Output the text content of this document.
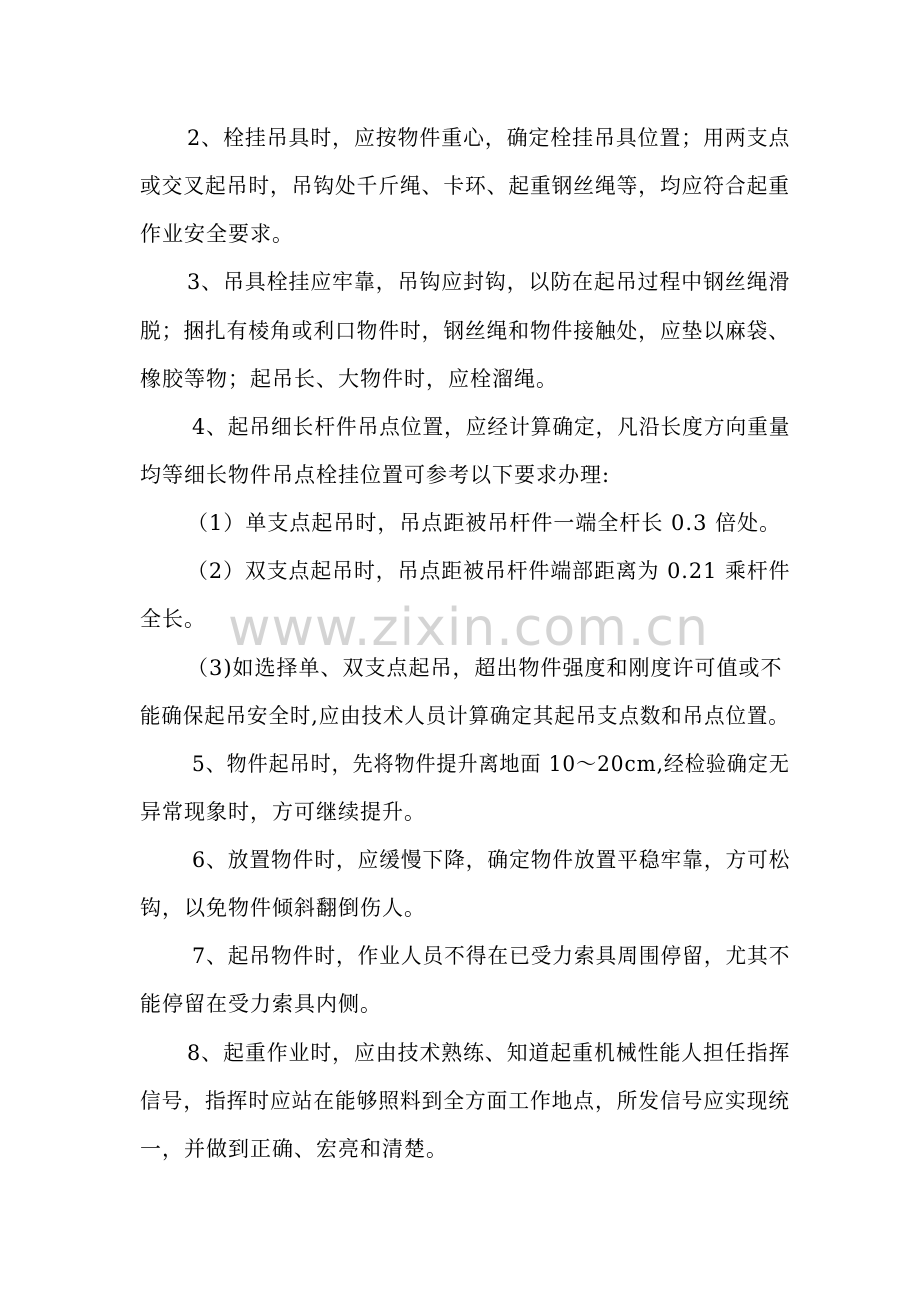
www.zixin.com.cn
2、栓挂吊具时，应按物件重心，确定栓挂吊具位置；用两支点
或交叉起吊时，吊钩处千斤绳、卡环、起重钢丝绳等，均应符合起重
作业安全要求。
3、吊具栓挂应牢靠，吊钩应封钩，以防在起吊过程中钢丝绳滑
脱；捆扎有棱角或利口物件时，钢丝绳和物件接触处，应垫以麻袋、
橡胶等物；起吊长、大物件时，应栓溜绳。
4、起吊细长杆件吊点位置，应经计算确定，凡沿长度方向重量
均等细长物件吊点栓挂位置可参考以下要求办理:
（1）单支点起吊时，吊点距被吊杆件一端全杆长 0.3 倍处。
（2）双支点起吊时，吊点距被吊杆件端部距离为 0.21 乘杆件
全长。
（3)如选择单、双支点起吊，超出物件强度和刚度许可值或不
能确保起吊安全时,应由技术人员计算确定其起吊支点数和吊点位置。
5、物件起吊时，先将物件提升离地面 10～20cm,经检验确定无
异常现象时，方可继续提升。
6、放置物件时，应缓慢下降，确定物件放置平稳牢靠，方可松
钩，以免物件倾斜翻倒伤人。
7、起吊物件时，作业人员不得在已受力索具周围停留，尤其不
能停留在受力索具内侧。
8、起重作业时，应由技术熟练、知道起重机械性能人担任指挥
信号，指挥时应站在能够照料到全方面工作地点，所发信号应实现统
一，并做到正确、宏亮和清楚。
